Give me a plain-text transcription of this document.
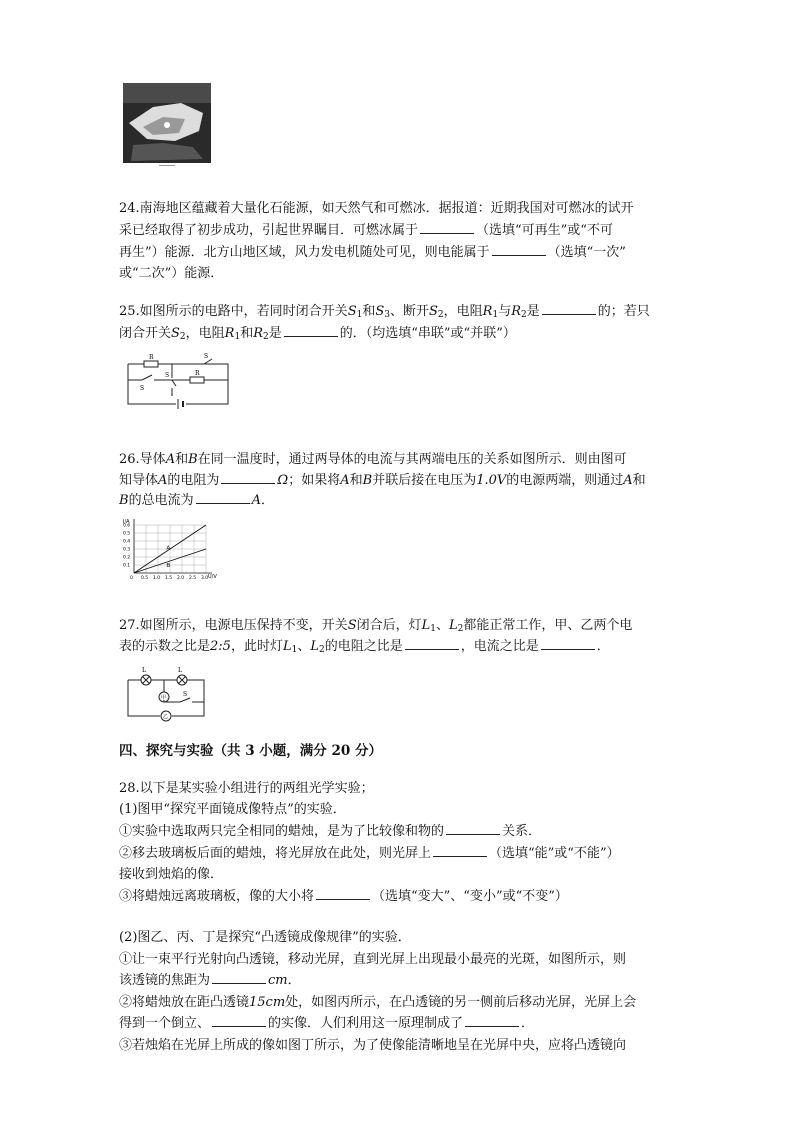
24.南海地区蕴藏着大量化石能源，如天然气和可燃冰．据报道：近期我国对可燃冰的试开
采已经取得了初步成功，引起世界瞩目．可燃冰属于	（选填“可再生”或“不可
再生”）能源．北方山地区域，风力发电机随处可见，则电能属于	（选填“一次”
或“二次”）能源．
25.如图所示的电路中，若同时闭合开关$S_1$和$S_3$、断开$S_2$，电阻$R_1$与$R_2$是	的；若只
闭合开关$S_2$，电阻$R_1$和$R_2$是	的．（均选填“串联”或“并联”）
R	S
S	R
S
26.导体A和B在同一温度时，通过两导体的电流与其两端电压的关系如图所示．则由图可
知导体A的电阻为	Ω；如果将A和B并联后接在电压为1.0V的电源两端，则通过A和
B的总电流为	A．
I/A
U/V
0.5 1.0 1.5 2.0 2.5 3.0
0.1
0.2
0.3
0.4
0.5
0.6
0
A
B
27.如图所示，电源电压保持不变，开关S闭合后，灯$L_1$、$L_2$都能正常工作，甲、乙两个电
表的示数之比是2:5，此时灯$L_1$、$L_2$的电阻之比是	，电流之比是	．
L	L
甲	S
乙
四、探究与实验（共 3 小题，满分 20 分）
28.以下是某实验小组进行的两组光学实验；
(1)图甲“探究平面镜成像特点”的实验．
①实验中选取两只完全相同的蜡烛，是为了比较像和物的	关系．
②移去玻璃板后面的蜡烛，将光屏放在此处，则光屏上	（选填“能”或“不能”）
接收到烛焰的像．
③将蜡烛远离玻璃板，像的大小将	（选填“变大”、“变小”或“不变”）
(2)图乙、丙、丁是探究“凸透镜成像规律”的实验．
①让一束平行光射向凸透镜，移动光屏，直到光屏上出现最小最亮的光斑，如图所示，则
该透镜的焦距为	cm．
②将蜡烛放在距凸透镜15cm处，如图丙所示，在凸透镜的另一侧前后移动光屏，光屏上会
得到一个倒立、	的实像．人们利用这一原理制成了	．
③若烛焰在光屏上所成的像如图丁所示，为了使像能清晰地呈在光屏中央，应将凸透镜向
